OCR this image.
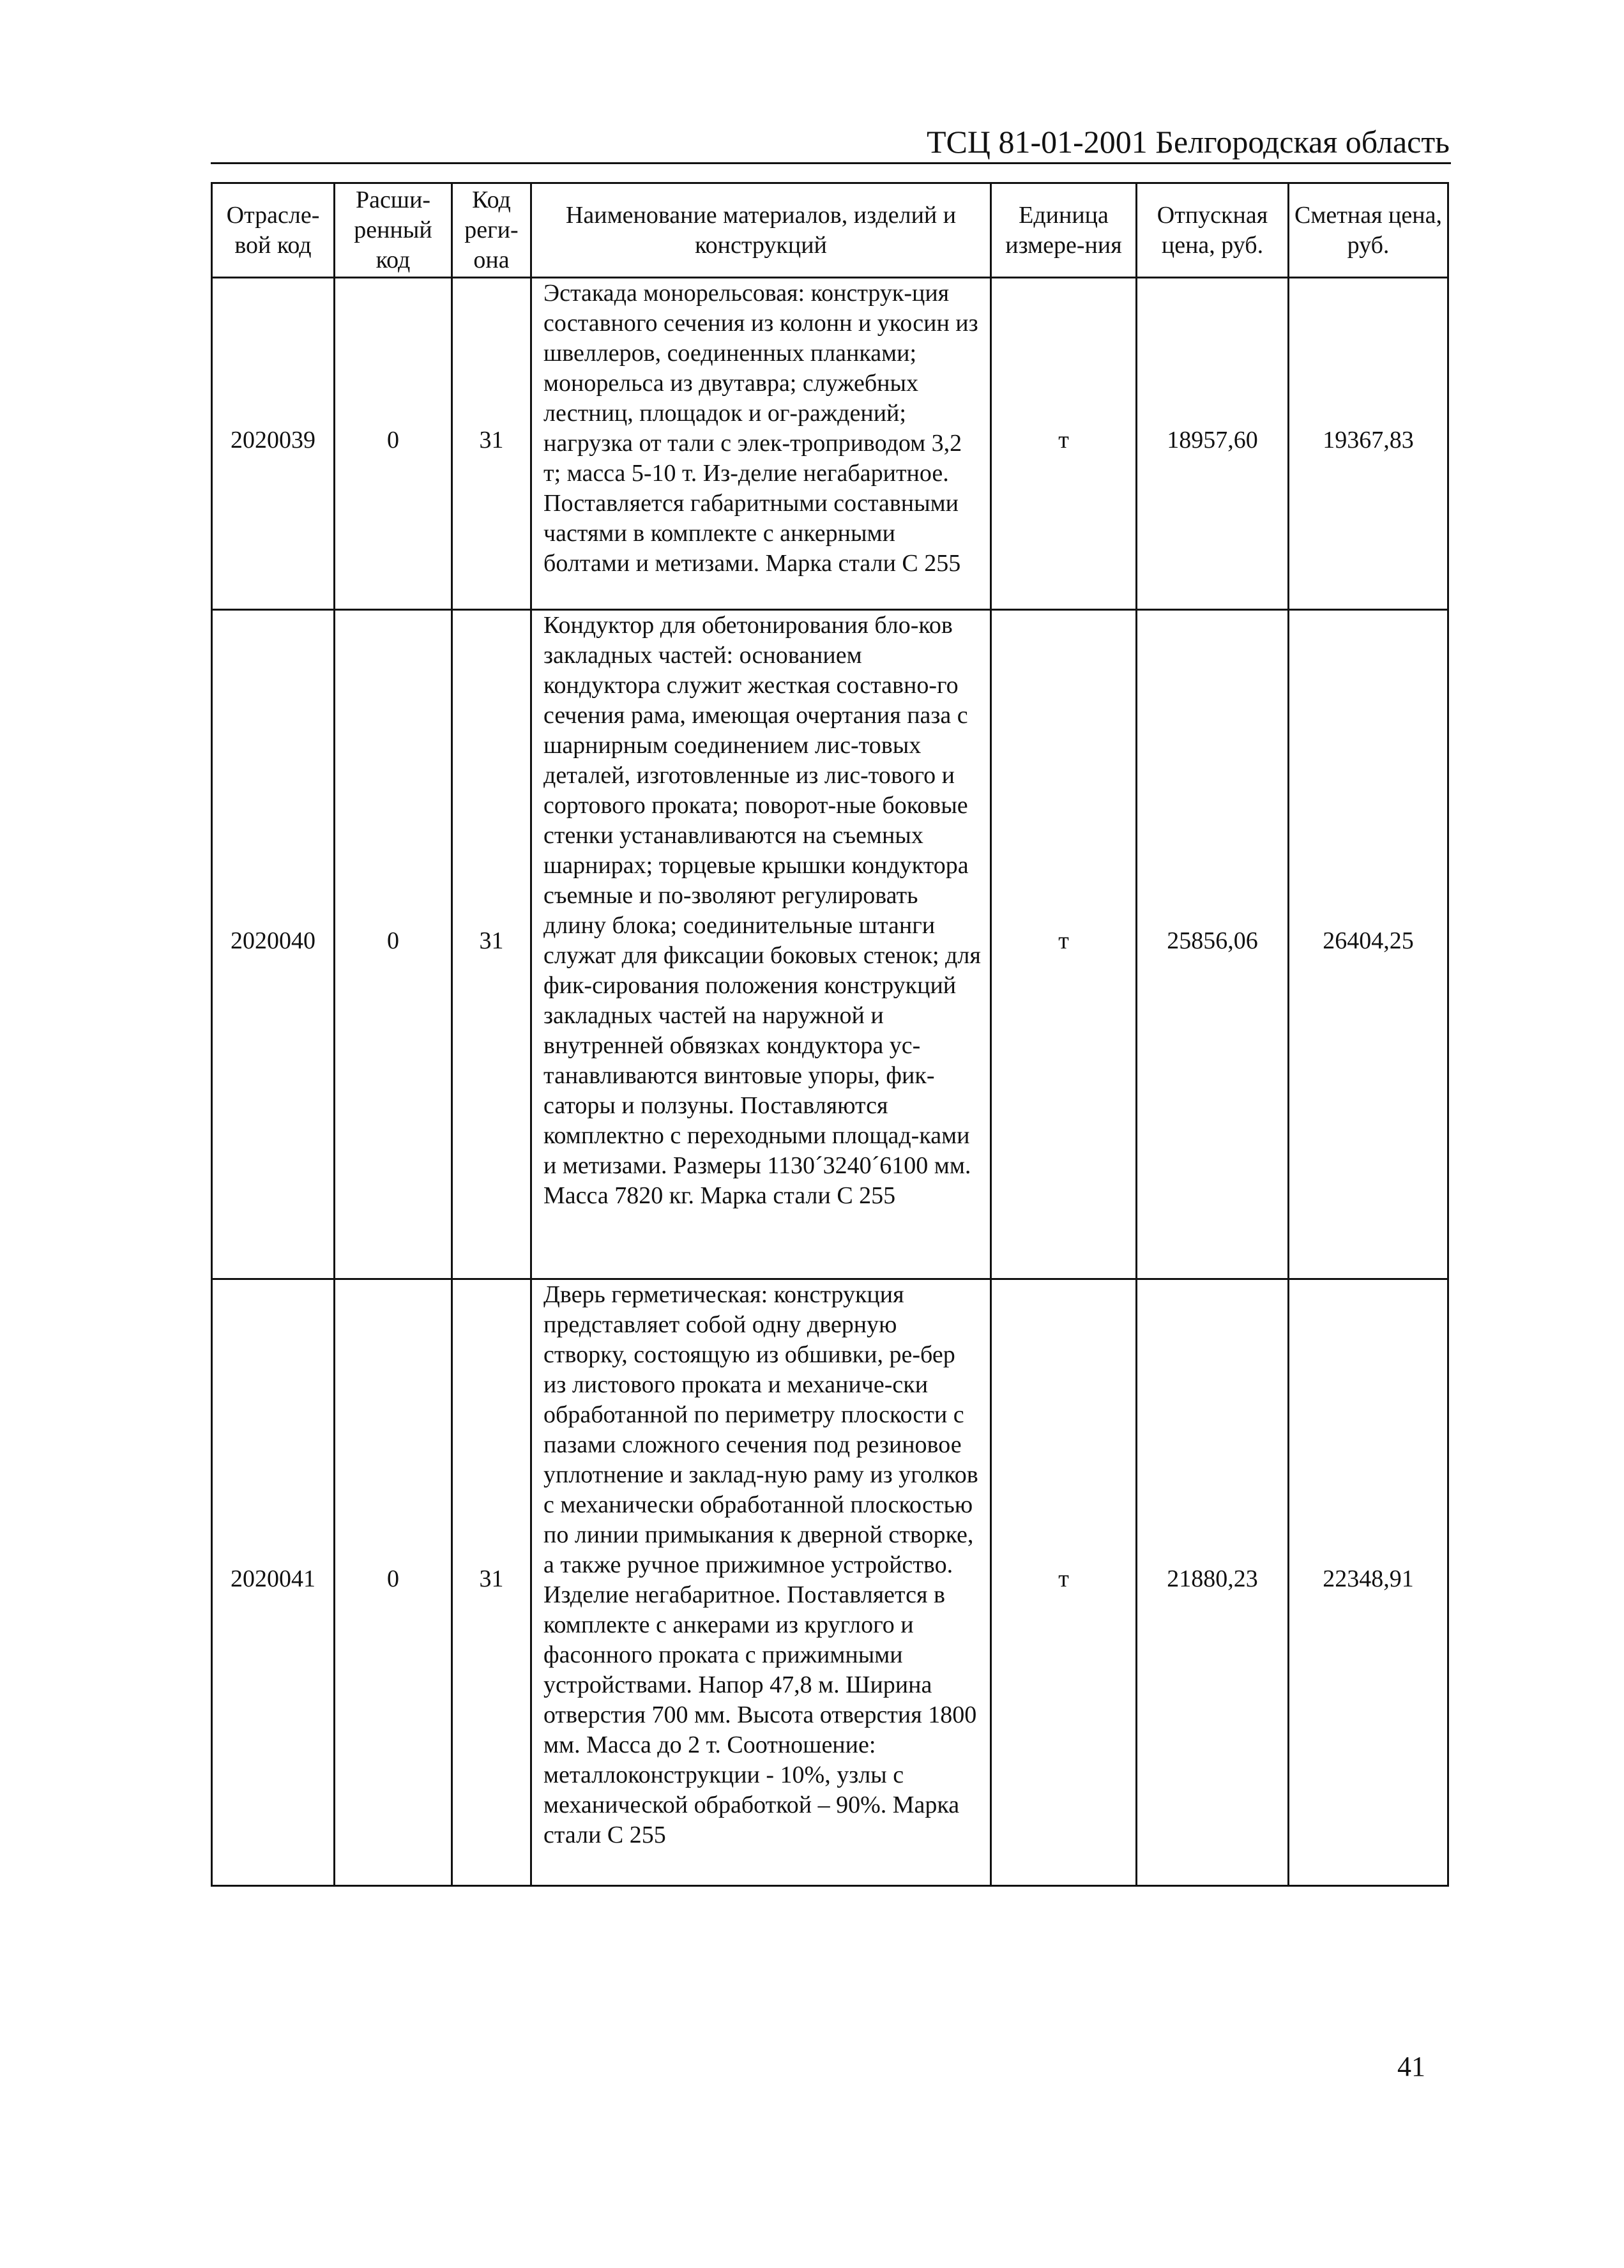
ТСЦ 81-01-2001 Белгородская область
Отрасле-вой код	Расши-ренный код	Код реги-она	Наименование материалов, изделий и конструкций	Единица измере-ния	Отпускная цена, руб.	Сметная цена, руб.
2020039	0	31	Эстакада монорельсовая: конструк-ция составного сечения из колонн и укосин из швеллеров, соединенных планками; монорельса из двутавра; служебных лестниц, площадок и ог-раждений; нагрузка от тали с элек-троприводом 3,2 т; масса 5-10 т. Из-делие негабаритное. Поставляется габаритными составными частями в комплекте с анкерными болтами и метизами. Марка стали С 255	т	18957,60	19367,83
2020040	0	31	Кондуктор для обетонирования бло-ков закладных частей: основанием кондуктора служит жесткая составно-го сечения рама, имеющая очертания паза с шарнирным соединением лис-товых деталей, изготовленные из лис-тового и сортового проката; поворот-ные боковые стенки устанавливаются на съемных шарнирах; торцевые крышки кондуктора съемные и по-зволяют регулировать длину блока; соединительные штанги служат для фиксации боковых стенок; для фик-сирования положения конструкций закладных частей на наружной и внутренней обвязках кондуктора ус-танавливаются винтовые упоры, фик-саторы и ползуны. Поставляются комплектно с переходными площад-ками и метизами. Размеры 1130´3240´6100 мм. Масса 7820 кг. Марка стали С 255	т	25856,06	26404,25
2020041	0	31	Дверь герметическая: конструкция представляет собой одну дверную створку, состоящую из обшивки, ре-бер из листового проката и механиче-ски обработанной по периметру плоскости с пазами сложного сечения под резиновое уплотнение и заклад-ную раму из уголков с механически обработанной плоскостью по линии примыкания к дверной створке, а также ручное прижимное устройство. Изделие негабаритное. Поставляется в комплекте с анкерами из круглого и фасонного проката с прижимными устройствами. Напор 47,8 м. Ширина отверстия 700 мм. Высота отверстия 1800 мм. Масса до 2 т. Соотношение: металлоконструкции - 10%, узлы с механической обработкой – 90%. Марка стали С 255	т	21880,23	22348,91
41
